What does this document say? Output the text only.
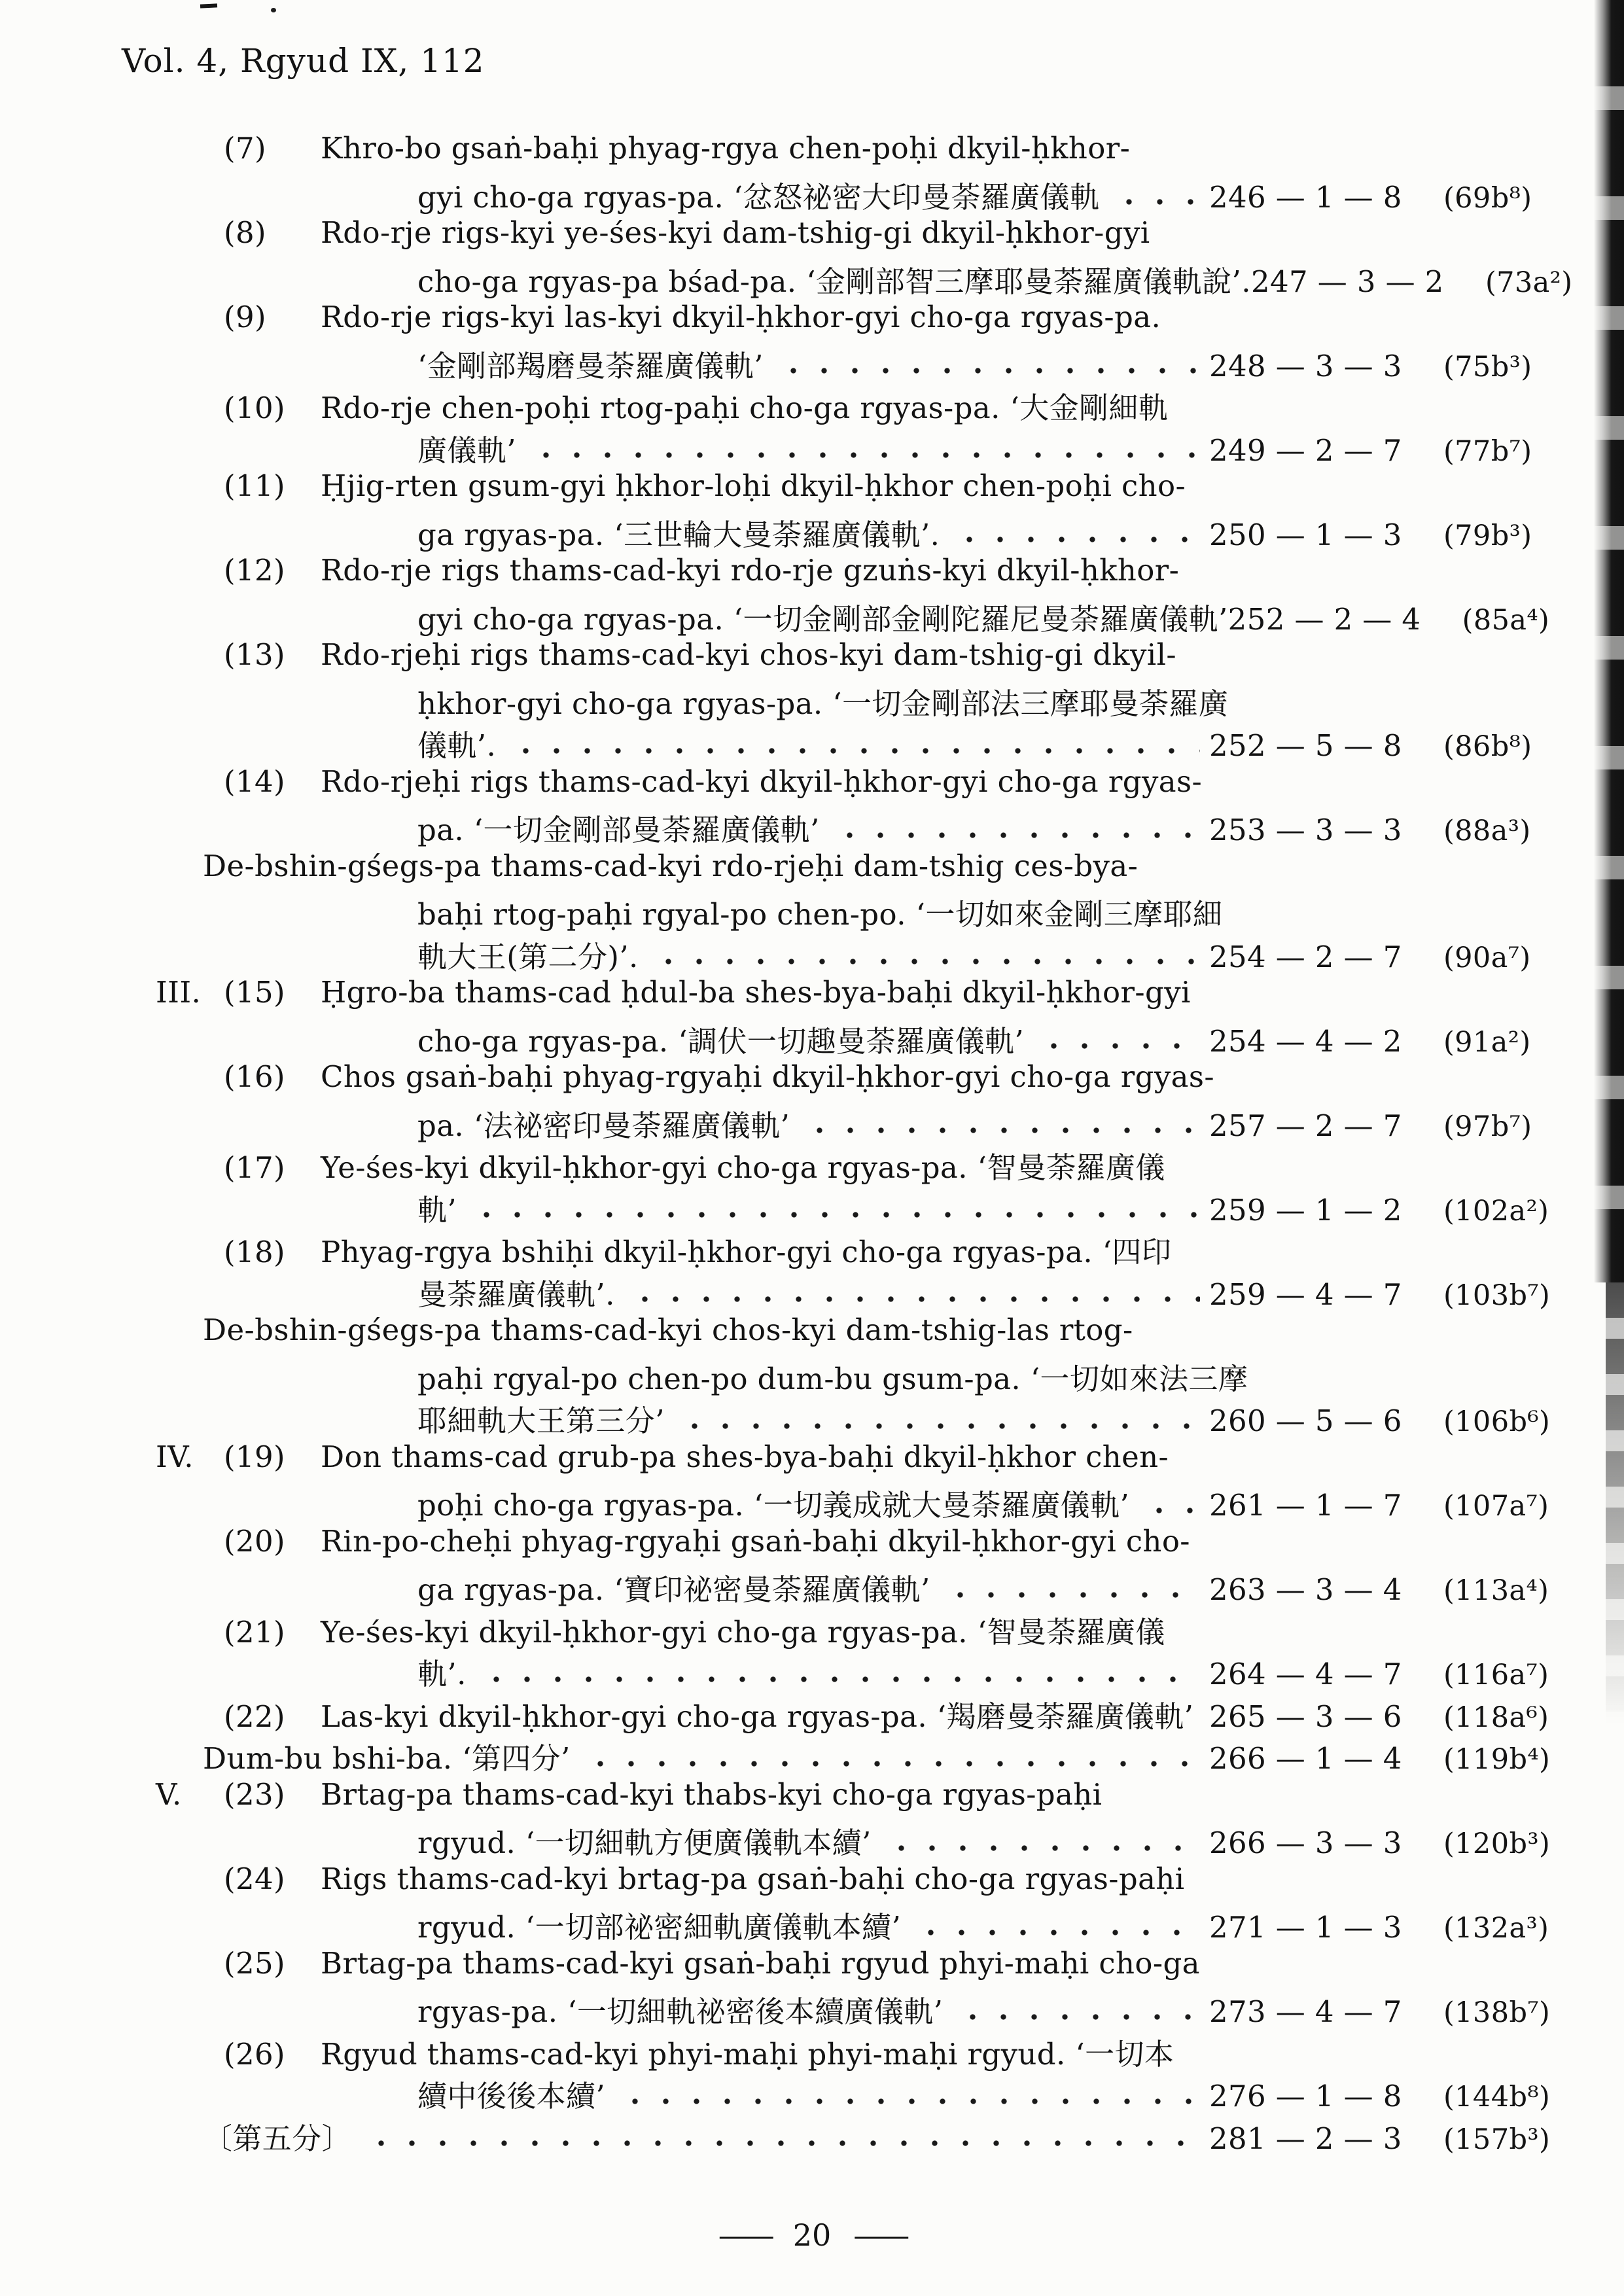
Vol. 4, Rgyud IX, 112
(7)	Khro-bo gsaṅ-baḥi phyag-rgya chen-poḥi dkyil-ḥkhor-
gyi cho-ga rgyas-pa. ‘忿怒祕密大印曼荼羅廣儀軌	246 — 1 — 8	(69b⁸)
(8)	Rdo-rje rigs-kyi ye-śes-kyi dam-tshig-gi dkyil-ḥkhor-gyi
cho-ga rgyas-pa bśad-pa. ‘金剛部智三摩耶曼荼羅廣儀軌說’. 247 — 3 — 2	(73a²)
(9)	Rdo-rje rigs-kyi las-kyi dkyil-ḥkhor-gyi cho-ga rgyas-pa.
‘金剛部羯磨曼荼羅廣儀軌’	248 — 3 — 3	(75b³)
(10)	Rdo-rje chen-poḥi rtog-paḥi cho-ga rgyas-pa. ‘大金剛細軌
廣儀軌’	249 — 2 — 7	(77b⁷)
(11)	Ḥjig-rten gsum-gyi ḥkhor-loḥi dkyil-ḥkhor chen-poḥi cho-
ga rgyas-pa. ‘三世輪大曼荼羅廣儀軌’.	250 — 1 — 3	(79b³)
(12)	Rdo-rje rigs thams-cad-kyi rdo-rje gzuṅs-kyi dkyil-ḥkhor-
gyi cho-ga rgyas-pa. ‘一切金剛部金剛陀羅尼曼荼羅廣儀軌’ 252 — 2 — 4	(85a⁴)
(13)	Rdo-rjeḥi rigs thams-cad-kyi chos-kyi dam-tshig-gi dkyil-
ḥkhor-gyi cho-ga rgyas-pa. ‘一切金剛部法三摩耶曼荼羅廣
儀軌’.	252 — 5 — 8	(86b⁸)
(14)	Rdo-rjeḥi rigs thams-cad-kyi dkyil-ḥkhor-gyi cho-ga rgyas-
pa. ‘一切金剛部曼荼羅廣儀軌’	253 — 3 — 3	(88a³)
De-bshin-gśegs-pa thams-cad-kyi rdo-rjeḥi dam-tshig ces-bya-
baḥi rtog-paḥi rgyal-po chen-po. ‘一切如來金剛三摩耶細
軌大王(第二分)’.	254 — 2 — 7	(90a⁷)
III. (15)	Ḥgro-ba thams-cad ḥdul-ba shes-bya-baḥi dkyil-ḥkhor-gyi
cho-ga rgyas-pa. ‘調伏一切趣曼荼羅廣儀軌’	254 — 4 — 2	(91a²)
(16)	Chos gsaṅ-baḥi phyag-rgyaḥi dkyil-ḥkhor-gyi cho-ga rgyas-
pa. ‘法祕密印曼荼羅廣儀軌’	257 — 2 — 7	(97b⁷)
(17)	Ye-śes-kyi dkyil-ḥkhor-gyi cho-ga rgyas-pa. ‘智曼荼羅廣儀
軌’	259 — 1 — 2	(102a²)
(18)	Phyag-rgya bshiḥi dkyil-ḥkhor-gyi cho-ga rgyas-pa. ‘四印
曼荼羅廣儀軌’.	259 — 4 — 7	(103b⁷)
De-bshin-gśegs-pa thams-cad-kyi chos-kyi dam-tshig-las rtog-
paḥi rgyal-po chen-po dum-bu gsum-pa. ‘一切如來法三摩
耶細軌大王第三分’	260 — 5 — 6	(106b⁶)
IV.	(19)	Don thams-cad grub-pa shes-bya-baḥi dkyil-ḥkhor chen-
poḥi cho-ga rgyas-pa. ‘一切義成就大曼荼羅廣儀軌’	261 — 1 — 7	(107a⁷)
(20)	Rin-po-cheḥi phyag-rgyaḥi gsaṅ-baḥi dkyil-ḥkhor-gyi cho-
ga rgyas-pa. ‘寶印祕密曼荼羅廣儀軌’	263 — 3 — 4	(113a⁴)
(21)	Ye-śes-kyi dkyil-ḥkhor-gyi cho-ga rgyas-pa. ‘智曼荼羅廣儀
軌’.	264 — 4 — 7	(116a⁷)
(22)	Las-kyi dkyil-ḥkhor-gyi cho-ga rgyas-pa. ‘羯磨曼荼羅廣儀軌’ 265 — 3 — 6	(118a⁶)
Dum-bu bshi-ba. ‘第四分’	266 — 1 — 4	(119b⁴)
V.	(23)	Brtag-pa thams-cad-kyi thabs-kyi cho-ga rgyas-paḥi
rgyud. ‘一切細軌方便廣儀軌本續’	266 — 3 — 3	(120b³)
(24)	Rigs thams-cad-kyi brtag-pa gsaṅ-baḥi cho-ga rgyas-paḥi
rgyud. ‘一切部祕密細軌廣儀軌本續’	271 — 1 — 3	(132a³)
(25)	Brtag-pa thams-cad-kyi gsaṅ-baḥi rgyud phyi-maḥi cho-ga
rgyas-pa. ‘一切細軌祕密後本續廣儀軌’	273 — 4 — 7	(138b⁷)
(26)	Rgyud thams-cad-kyi phyi-maḥi phyi-maḥi rgyud. ‘一切本
續中後後本續’	276 — 1 — 8	(144b⁸)
〔第五分〕	281 — 2 — 3	(157b³)
—— 20 ——
